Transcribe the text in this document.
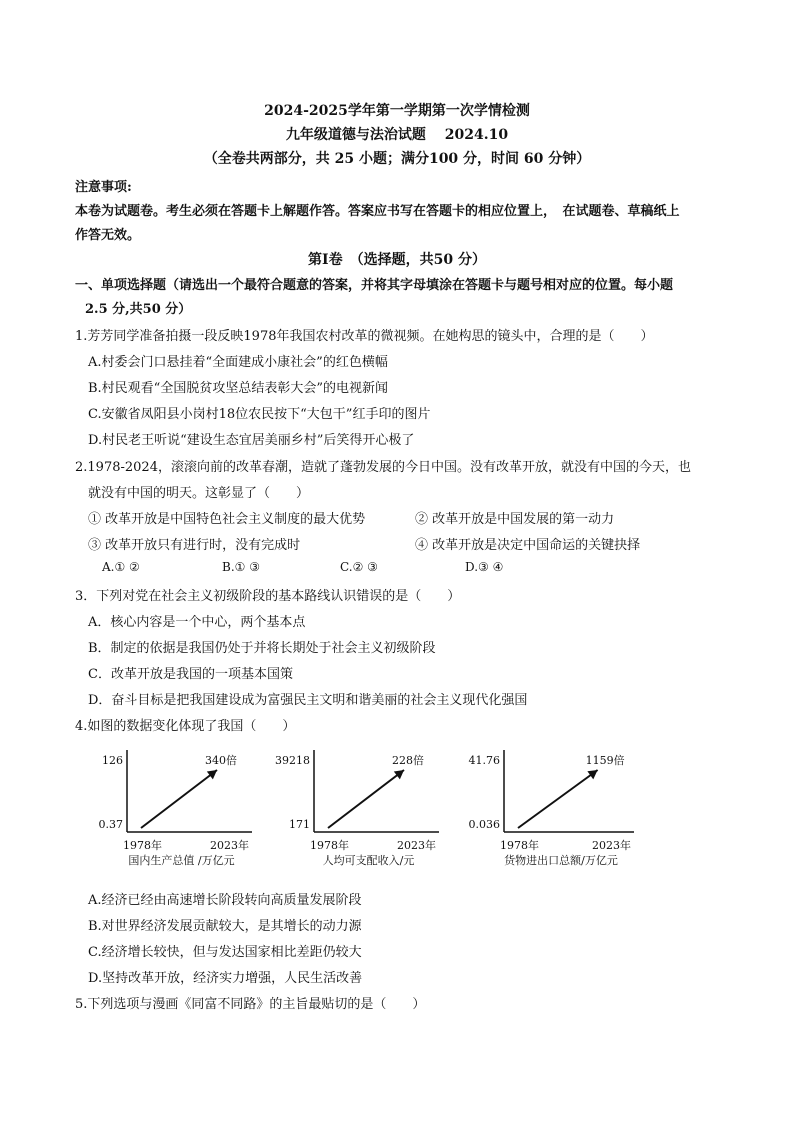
2024-2025学年第一学期第一次学情检测
九年级道德与法治试题　 2024.10
（全卷共两部分，共 25 小题；满分100 分，时间 60 分钟）
注意事项:
本卷为试题卷。考生必须在答题卡上解题作答。答案应书写在答题卡的相应位置上，　在试题卷、草稿纸上
作答无效。
第Ⅰ卷　（选择题，共50 分）
一、单项选择题（请选出一个最符合题意的答案，并将其字母填涂在答题卡与题号相对应的位置。每小题
2.5 分,共50 分）
1.芳芳同学准备拍摄一段反映1978年我国农村改革的微视频。在她构思的镜头中，合理的是（　　）
A.村委会门口悬挂着“全面建成小康社会”的红色横幅
B.村民观看“全国脱贫攻坚总结表彰大会”的电视新闻
C.安徽省凤阳县小岗村18位农民按下“大包干”红手印的图片
D.村民老王听说“建设生态宜居美丽乡村”后笑得开心极了
2.1978-2024，滚滚向前的改革春潮，造就了蓬勃发展的今日中国。没有改革开放，就没有中国的今天，也
就没有中国的明天。这彰显了（　　）
① 改革开放是中国特色社会主义制度的最大优势	② 改革开放是中国发展的第一动力
③ 改革开放只有进行时，没有完成时	④ 改革开放是决定中国命运的关键抉择
A.① ②	B.① ③	C.② ③	D.③ ④
3．下列对党在社会主义初级阶段的基本路线认识错误的是（　　）
A．核心内容是一个中心，两个基本点
B．制定的依据是我国仍处于并将长期处于社会主义初级阶段
C．改革开放是我国的一项基本国策
D．奋斗目标是把我国建设成为富强民主文明和谐美丽的社会主义现代化强国
4.如图的数据变化体现了我国（　　）
0.37
126	340倍
1978年	2023年
国内生产总值 /万亿元
171
39218	228倍
1978年	2023年
人均可支配收入/元
0.036
41.76	1159倍
1978年	2023年
货物进出口总额/万亿元
A.经济已经由高速增长阶段转向高质量发展阶段
B.对世界经济发展贡献较大，是其增长的动力源
C.经济增长较快，但与发达国家相比差距仍较大
D.坚持改革开放，经济实力增强，人民生活改善
5.下列选项与漫画《同富不同路》的主旨最贴切的是（　　）
